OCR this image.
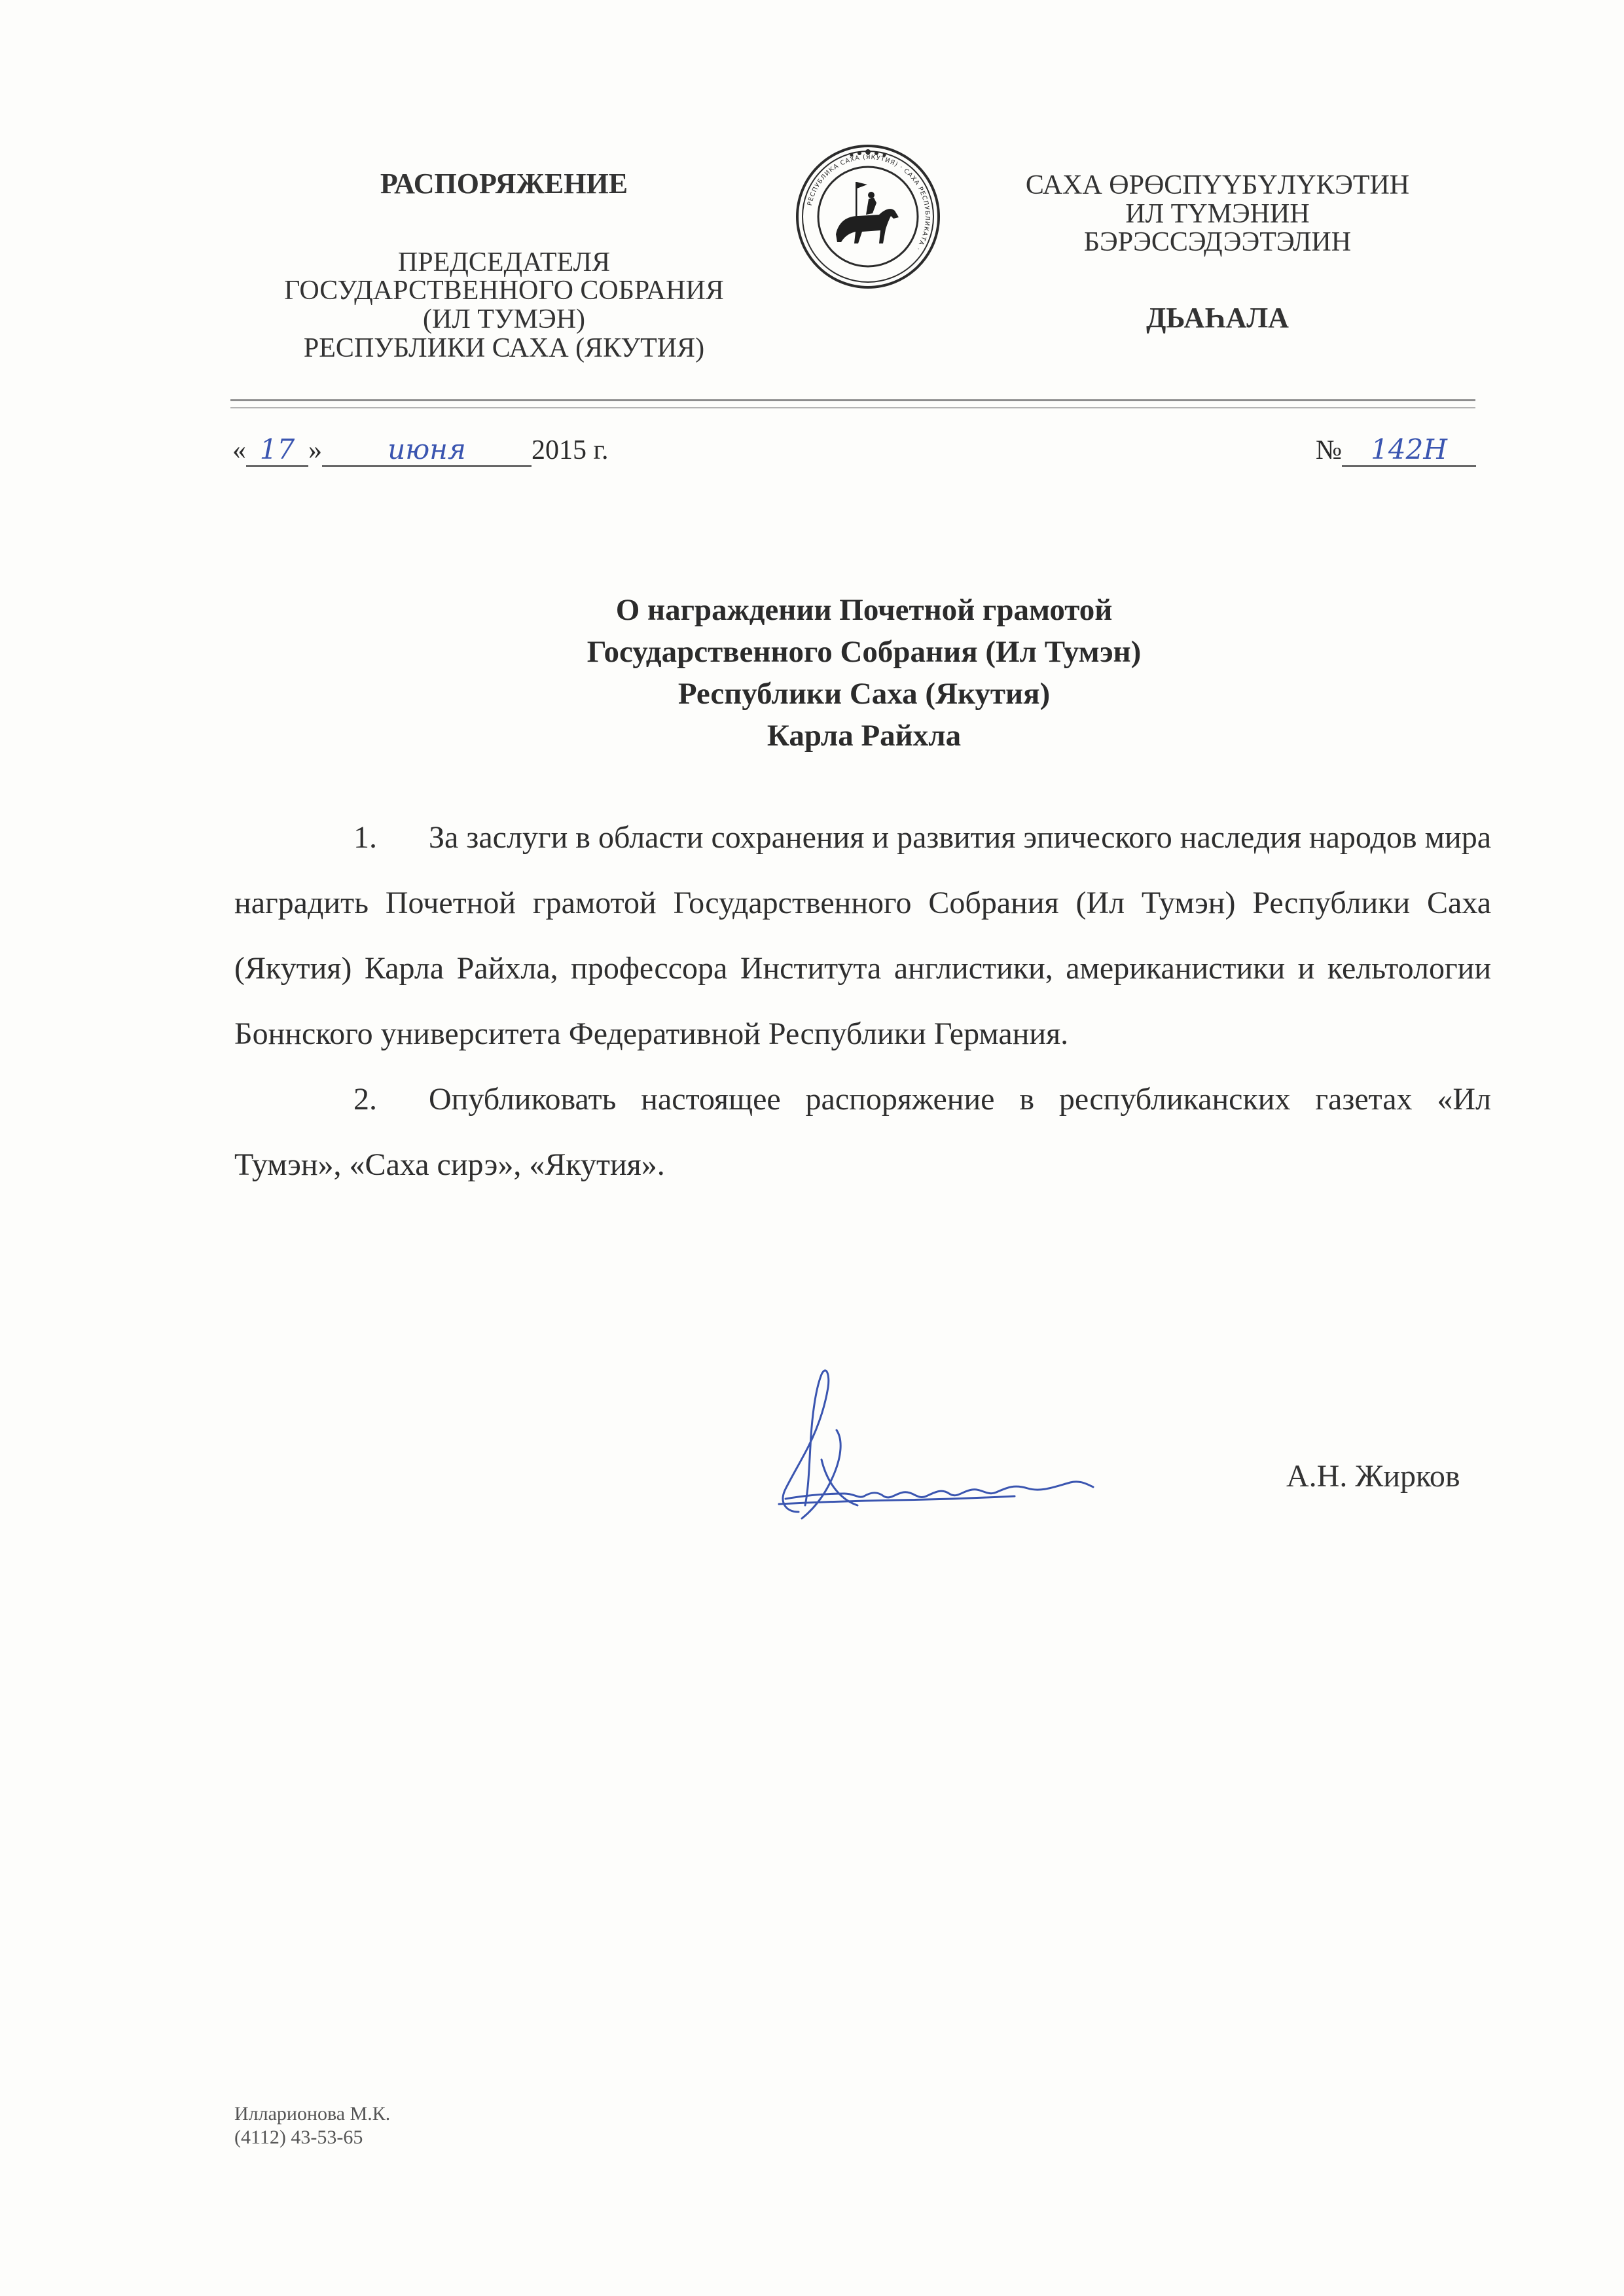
РАСПОРЯЖЕНИЕ
ПРЕДСЕДАТЕЛЯ
ГОСУДАРСТВЕННОГО СОБРАНИЯ
(ИЛ ТУМЭН)
РЕСПУБЛИКИ САХА (ЯКУТИЯ)
РЕСПУБЛИКА САХА (ЯКУТИЯ) · САХА РЕСПУБЛИКАТА ·
САХА ӨРӨСПҮҮБҮЛҮКЭТИН
ИЛ ТҮМЭНИН
БЭРЭССЭДЭЭТЭЛИН
ДЬАҺАЛА
« 17 » июня 2015 г.	№ 142Н
О награждении Почетной грамотой
Государственного Собрания (Ил Тумэн)
Республики Саха (Якутия)
Карла Райхла

1. За заслуги в области сохранения и развития эпического наследия народов мира наградить Почетной грамотой Государственного Собрания (Ил Тумэн) Республики Саха (Якутия) Карла Райхла, профессора Института англистики, американистики и кельтологии Боннского университета Федеративной Республики Германия.

2. Опубликовать настоящее распоряжение в республиканских газетах «Ил Тумэн», «Саха сирэ», «Якутия».

А.Н. Жирков
Илларионова М.К.
(4112) 43-53-65
